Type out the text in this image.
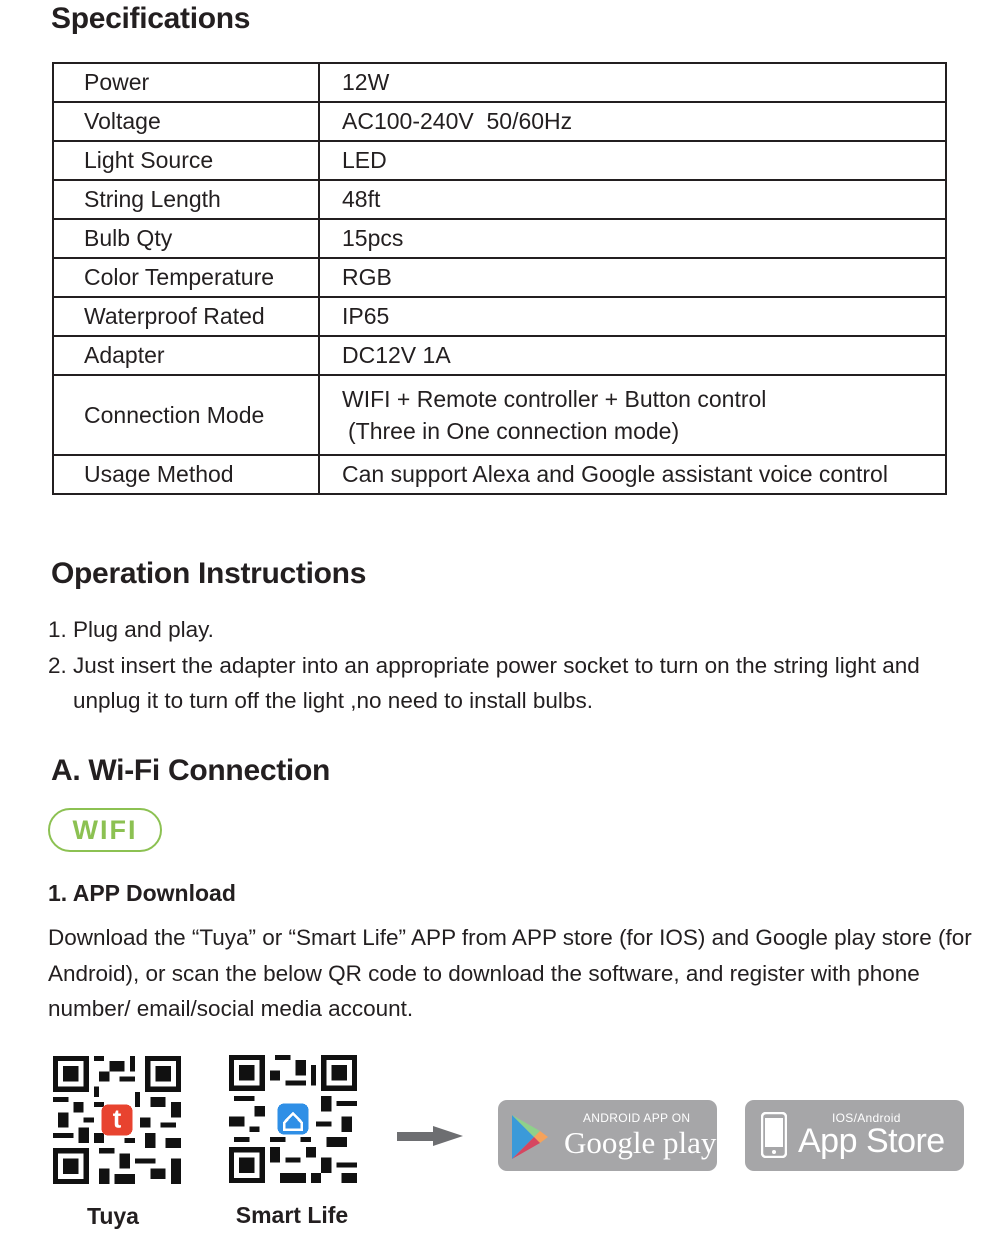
Specifications
Power	12W
Voltage	AC100-240V  50/60Hz
Light Source	LED
String Length	48ft
Bulb Qty	15pcs
Color Temperature	RGB
Waterproof Rated	IP65
Adapter	DC12V 1A
Connection Mode	WIFI + Remote controller + Button control
(Three in One connection mode)

Usage Method	Can support Alexa and Google assistant voice control
Operation Instructions
1. Plug and play.
2. Just insert the adapter into an appropriate power socket to turn on the string light and unplug it to turn off the light ,no need to install bulbs.
A. Wi-Fi Connection
WIFI
1. APP Download

Download the “Tuya” or “Smart Life” APP from APP store (for IOS) and Google play store (for Android), or scan the below QR code to download the software, and register with phone number/ email/social media account.

t
Tuya	Smart Life
ANDROID APP ON
Google play
IOS/Android
App Store
